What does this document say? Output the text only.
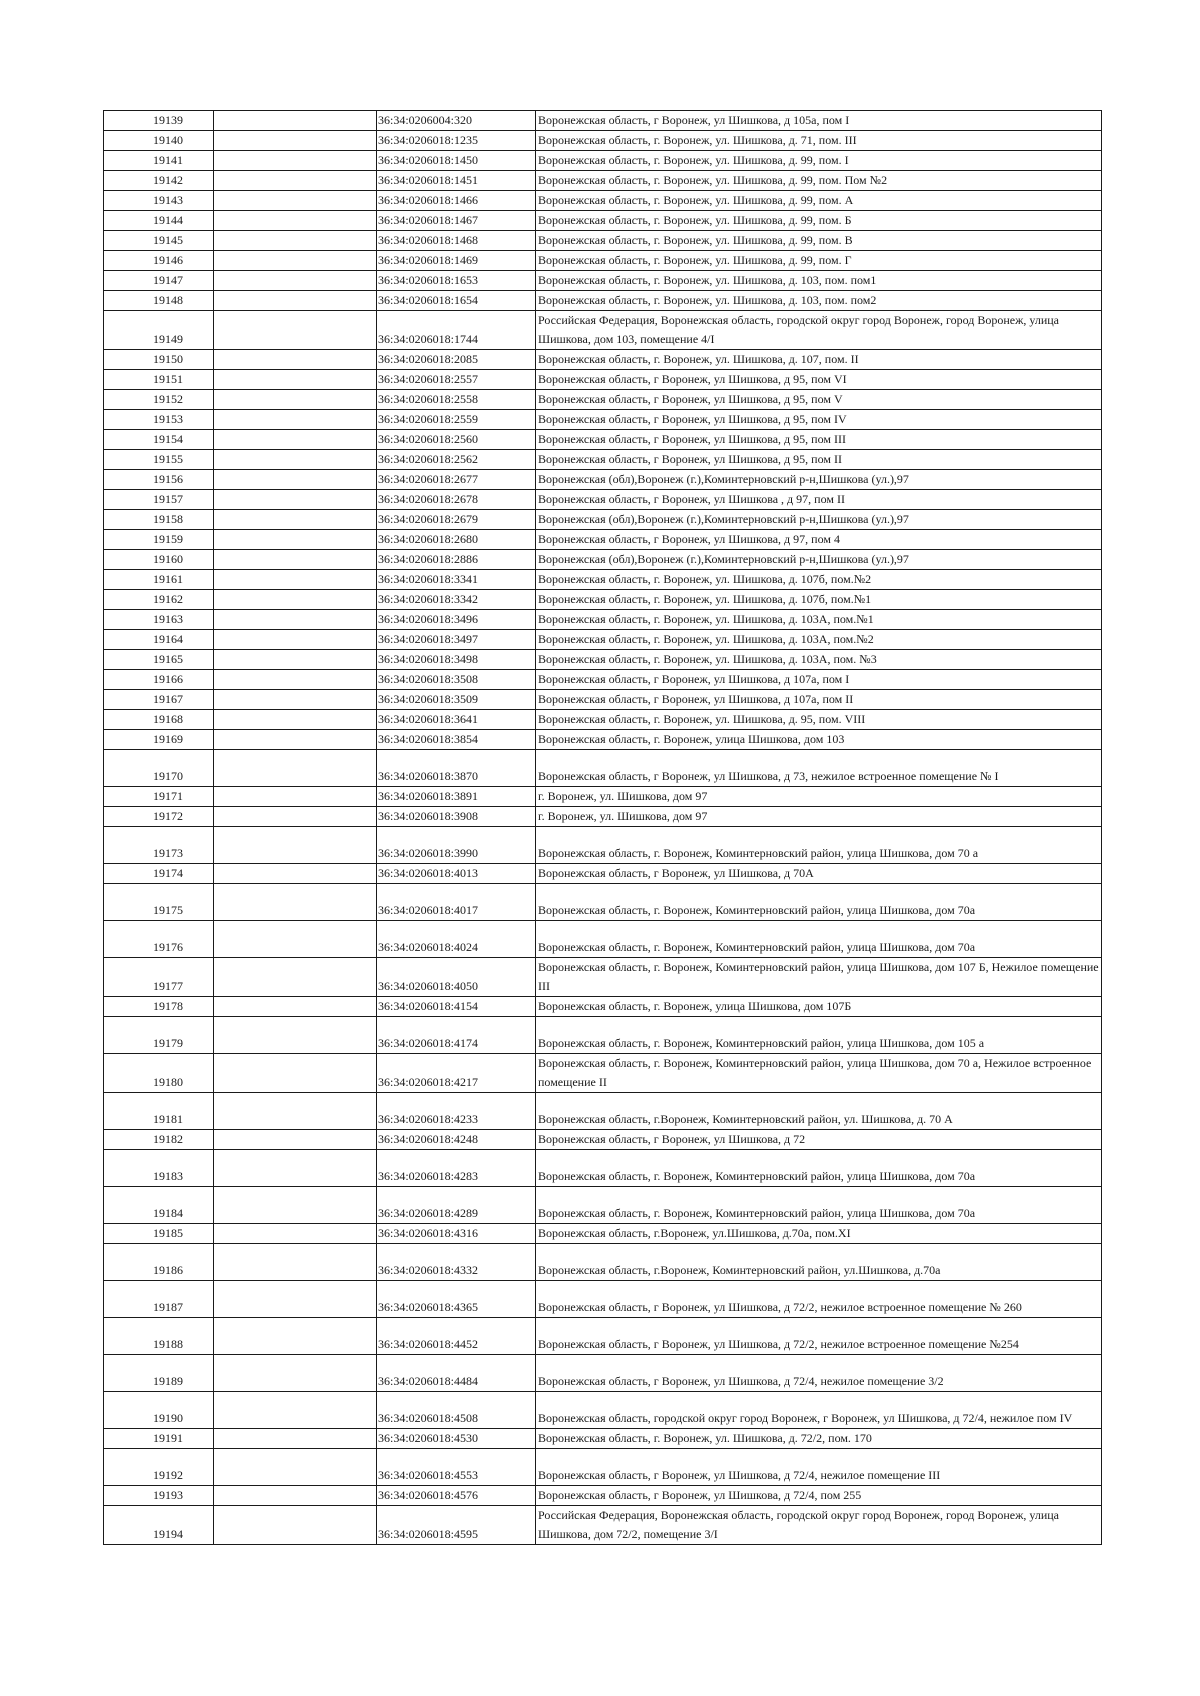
19139		36:34:0206004:320	Воронежская область, г Воронеж, ул Шишкова, д 105а, пом I
19140		36:34:0206018:1235	Воронежская область, г. Воронеж, ул. Шишкова, д. 71, пом. III
19141		36:34:0206018:1450	Воронежская область, г. Воронеж, ул. Шишкова, д. 99, пом. I
19142		36:34:0206018:1451	Воронежская область, г. Воронеж, ул. Шишкова, д. 99, пом. Пом №2
19143		36:34:0206018:1466	Воронежская область, г. Воронеж, ул. Шишкова, д. 99, пом. А
19144		36:34:0206018:1467	Воронежская область, г. Воронеж, ул. Шишкова, д. 99, пом. Б
19145		36:34:0206018:1468	Воронежская область, г. Воронеж, ул. Шишкова, д. 99, пом. В
19146		36:34:0206018:1469	Воронежская область, г. Воронеж, ул. Шишкова, д. 99, пом. Г
19147		36:34:0206018:1653	Воронежская область, г. Воронеж, ул. Шишкова, д. 103, пом. пом1
19148		36:34:0206018:1654	Воронежская область, г. Воронеж, ул. Шишкова, д. 103, пом. пом2
19149		36:34:0206018:1744	Российская Федерация, Воронежская область, городской округ город Воронеж, город Воронеж, улица Шишкова, дом 103, помещение 4/I
19150		36:34:0206018:2085	Воронежская область, г. Воронеж, ул. Шишкова, д. 107, пом. II
19151		36:34:0206018:2557	Воронежская область, г Воронеж, ул Шишкова, д 95, пом VI
19152		36:34:0206018:2558	Воронежская область, г Воронеж, ул Шишкова, д 95, пом V
19153		36:34:0206018:2559	Воронежская область, г Воронеж, ул Шишкова, д 95, пом IV
19154		36:34:0206018:2560	Воронежская область, г Воронеж, ул Шишкова, д 95, пом III
19155		36:34:0206018:2562	Воронежская область, г Воронеж, ул Шишкова, д 95, пом II
19156		36:34:0206018:2677	Воронежская (обл),Воронеж (г.),Коминтерновский р-н,Шишкова (ул.),97
19157		36:34:0206018:2678	Воронежская область, г Воронеж, ул Шишкова , д 97, пом II
19158		36:34:0206018:2679	Воронежская (обл),Воронеж (г.),Коминтерновский р-н,Шишкова (ул.),97
19159		36:34:0206018:2680	Воронежская область, г Воронеж, ул Шишкова, д 97, пом 4
19160		36:34:0206018:2886	Воронежская (обл),Воронеж (г.),Коминтерновский р-н,Шишкова (ул.),97
19161		36:34:0206018:3341	Воронежская область, г. Воронеж, ул. Шишкова, д. 107б, пом.№2
19162		36:34:0206018:3342	Воронежская область, г. Воронеж, ул. Шишкова, д. 107б, пом.№1
19163		36:34:0206018:3496	Воронежская область, г. Воронеж, ул. Шишкова, д. 103А, пом.№1
19164		36:34:0206018:3497	Воронежская область, г. Воронеж, ул. Шишкова, д. 103А, пом.№2
19165		36:34:0206018:3498	Воронежская область, г. Воронеж, ул. Шишкова, д. 103А, пом. №3
19166		36:34:0206018:3508	Воронежская область, г Воронеж, ул Шишкова, д 107а, пом I
19167		36:34:0206018:3509	Воронежская область, г Воронеж, ул Шишкова, д 107а, пом II
19168		36:34:0206018:3641	Воронежская область, г. Воронеж, ул. Шишкова, д. 95, пом. VIII
19169		36:34:0206018:3854	Воронежская область, г. Воронеж, улица Шишкова, дом 103
19170		36:34:0206018:3870	Воронежская область, г Воронеж, ул Шишкова, д 73, нежилое встроенное помещение № I
19171		36:34:0206018:3891	г. Воронеж, ул. Шишкова, дом 97
19172		36:34:0206018:3908	г. Воронеж, ул. Шишкова, дом 97
19173		36:34:0206018:3990	Воронежская область, г. Воронеж, Коминтерновский район, улица Шишкова, дом 70 а
19174		36:34:0206018:4013	Воронежская область, г Воронеж, ул Шишкова, д 70А
19175		36:34:0206018:4017	Воронежская область, г. Воронеж, Коминтерновский район, улица Шишкова, дом 70а
19176		36:34:0206018:4024	Воронежская область, г. Воронеж, Коминтерновский район, улица Шишкова, дом 70а
19177		36:34:0206018:4050	Воронежская область, г. Воронеж, Коминтерновский район, улица Шишкова, дом 107 Б, Нежилое помещение III
19178		36:34:0206018:4154	Воронежская область, г. Воронеж, улица Шишкова, дом 107Б
19179		36:34:0206018:4174	Воронежская область, г. Воронеж, Коминтерновский район, улица Шишкова, дом 105 а
19180		36:34:0206018:4217	Воронежская область, г. Воронеж, Коминтерновский район, улица Шишкова, дом 70 а, Нежилое встроенное помещение II
19181		36:34:0206018:4233	Воронежская область, г.Воронеж, Коминтерновский район, ул. Шишкова, д. 70 А
19182		36:34:0206018:4248	Воронежская область, г Воронеж, ул Шишкова, д 72
19183		36:34:0206018:4283	Воронежская область, г. Воронеж, Коминтерновский район, улица Шишкова, дом 70а
19184		36:34:0206018:4289	Воронежская область, г. Воронеж, Коминтерновский район, улица Шишкова, дом 70а
19185		36:34:0206018:4316	Воронежская область, г.Воронеж, ул.Шишкова, д.70а, пом.XI
19186		36:34:0206018:4332	Воронежская область, г.Воронеж, Коминтерновский район, ул.Шишкова, д.70а
19187		36:34:0206018:4365	Воронежская область, г Воронеж, ул Шишкова, д 72/2, нежилое встроенное помещение № 260
19188		36:34:0206018:4452	Воронежская область, г Воронеж, ул Шишкова, д 72/2, нежилое встроенное помещение №254
19189		36:34:0206018:4484	Воронежская область, г Воронеж, ул Шишкова, д 72/4, нежилое помещение 3/2
19190		36:34:0206018:4508	Воронежская область, городской округ город Воронеж, г Воронеж, ул Шишкова, д 72/4, нежилое пом IV
19191		36:34:0206018:4530	Воронежская область, г. Воронеж, ул. Шишкова, д. 72/2, пом. 170
19192		36:34:0206018:4553	Воронежская область, г Воронеж, ул Шишкова, д 72/4, нежилое помещение III
19193		36:34:0206018:4576	Воронежская область, г Воронеж, ул Шишкова, д 72/4, пом 255
19194		36:34:0206018:4595	Российская Федерация, Воронежская область, городской округ город Воронеж, город Воронеж, улица Шишкова, дом 72/2, помещение 3/I
